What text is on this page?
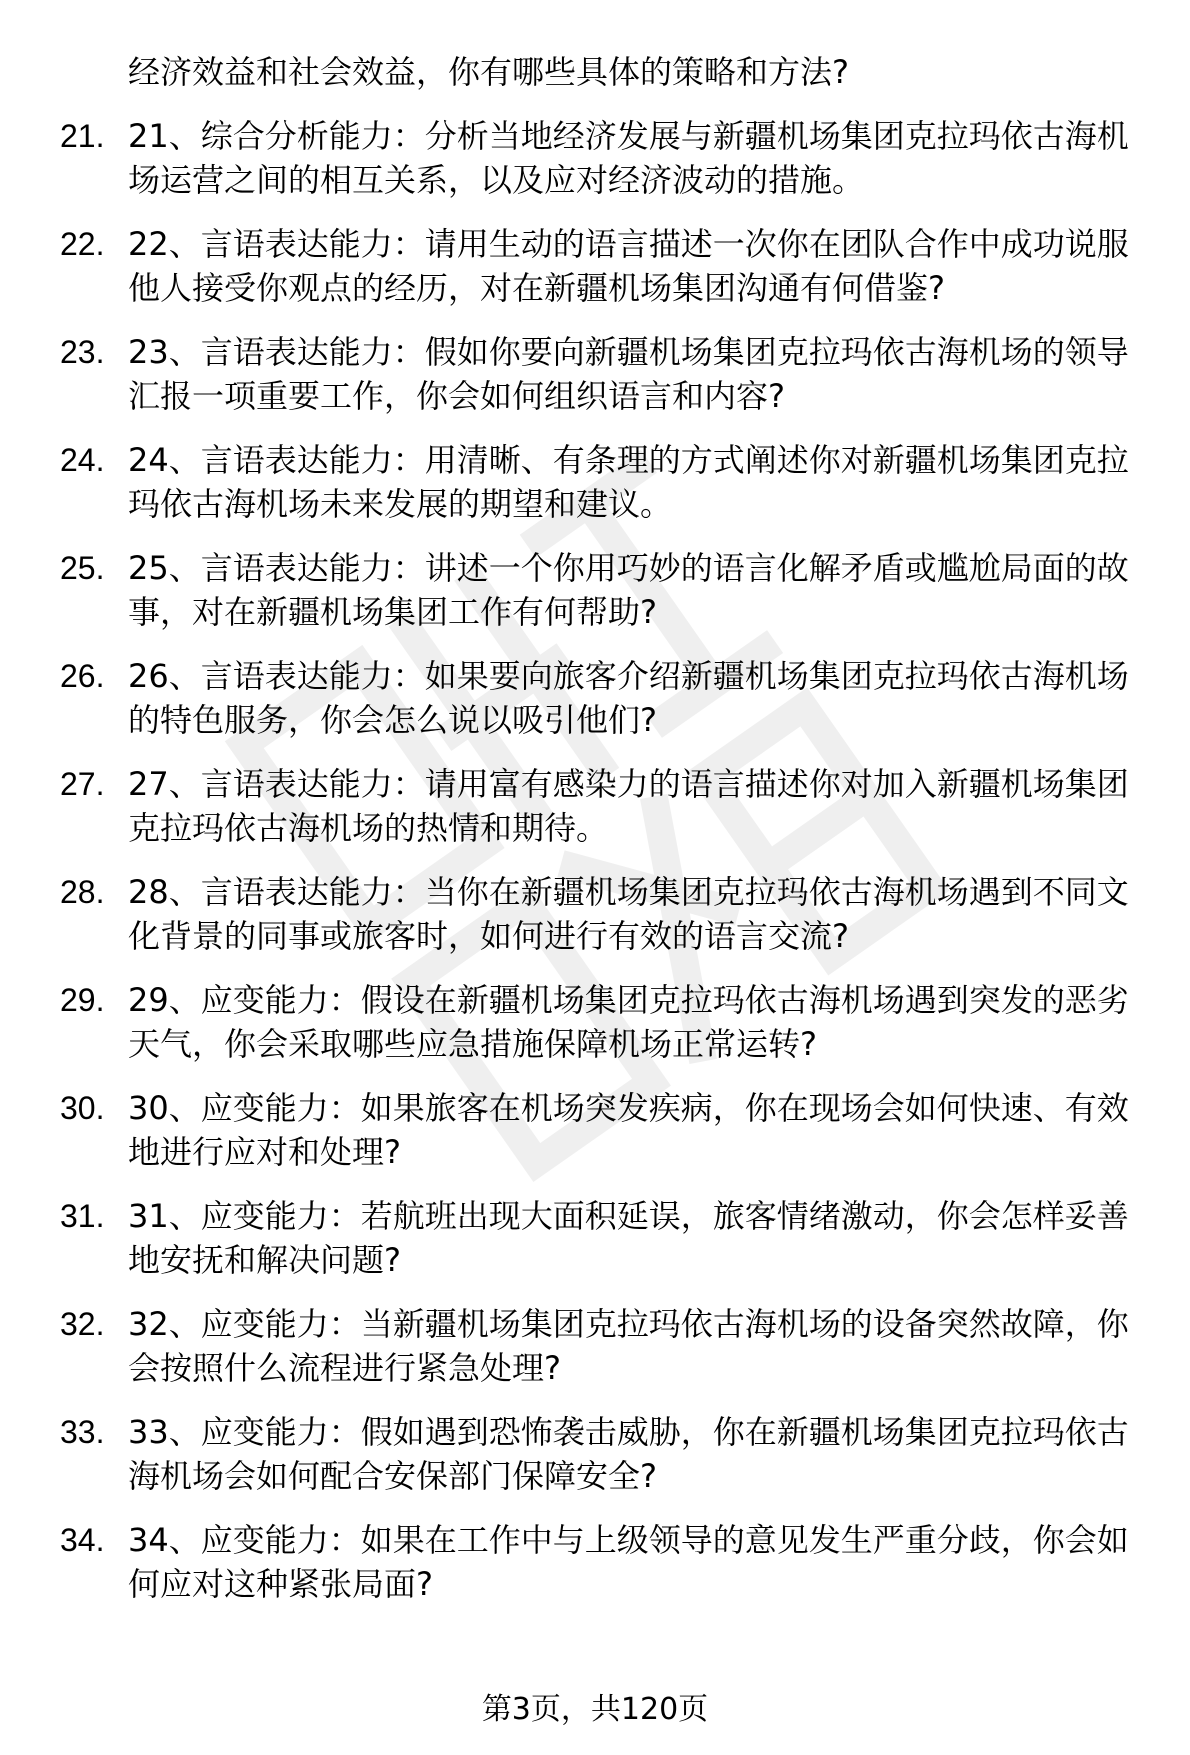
经济效益和社会效益，你有哪些具体的策略和方法?
21. 21、综合分析能力：分析当地经济发展与新疆机场集团克拉玛依古海机场运营之间的相互关系，以及应对经济波动的措施。
22. 22、言语表达能力：请用生动的语言描述一次你在团队合作中成功说服他人接受你观点的经历，对在新疆机场集团沟通有何借鉴?
23. 23、言语表达能力：假如你要向新疆机场集团克拉玛依古海机场的领导汇报一项重要工作，你会如何组织语言和内容?
24. 24、言语表达能力：用清晰、有条理的方式阐述你对新疆机场集团克拉玛依古海机场未来发展的期望和建议。
25. 25、言语表达能力：讲述一个你用巧妙的语言化解矛盾或尴尬局面的故事，对在新疆机场集团工作有何帮助?
26. 26、言语表达能力：如果要向旅客介绍新疆机场集团克拉玛依古海机场的特色服务，你会怎么说以吸引他们?
27. 27、言语表达能力：请用富有感染力的语言描述你对加入新疆机场集团克拉玛依古海机场的热情和期待。
28. 28、言语表达能力：当你在新疆机场集团克拉玛依古海机场遇到不同文化背景的同事或旅客时，如何进行有效的语言交流?
29. 29、应变能力：假设在新疆机场集团克拉玛依古海机场遇到突发的恶劣天气，你会采取哪些应急措施保障机场正常运转?
30. 30、应变能力：如果旅客在机场突发疾病，你在现场会如何快速、有效地进行应对和处理?
31. 31、应变能力：若航班出现大面积延误，旅客情绪激动，你会怎样妥善地安抚和解决问题?
32. 32、应变能力：当新疆机场集团克拉玛依古海机场的设备突然故障，你会按照什么流程进行紧急处理?
33. 33、应变能力：假如遇到恐怖袭击威胁，你在新疆机场集团克拉玛依古海机场会如何配合安保部门保障安全?
34. 34、应变能力：如果在工作中与上级领导的意见发生严重分歧，你会如何应对这种紧张局面?
第3页，共120页
